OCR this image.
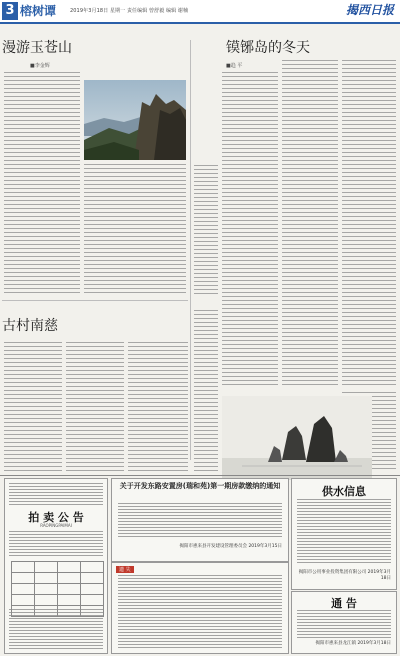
3 榕树谭	2019年3月18日 星期一 责任编辑 曾舒毅 编辑 谢楠	揭西日报
漫游玉苍山
■李金辉
古村南慈
镆铘岛的冬天
■趋 平
拍 卖 公 告
RAOPINGPAIMAI

关于开发东路安置房(瑞和苑)第一期房款缴纳的通知
揭阳市惠来县开发建设管理委员会 2019年3月15日
遗 失
供水信息
揭阳市公用事业投资集团有限公司 2019年3月18日
通 告
揭阳市惠来县龙江镇 2019年3月18日
